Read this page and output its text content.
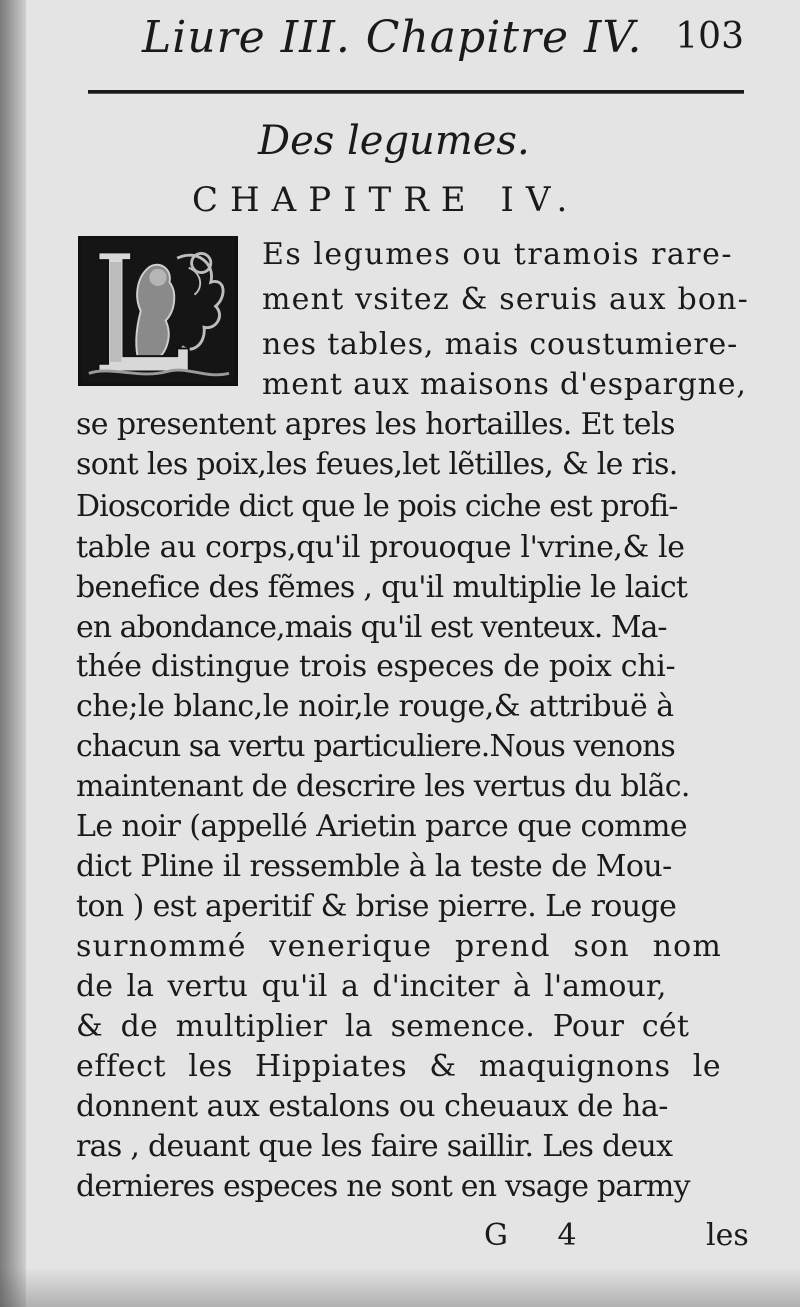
Liure III. Chapitre IV. 103
Des legumes.
CHAPITRE IV.
Es legumes ou tramois rare-
ment vsitez & seruis aux bon-
nes tables, mais coustumiere-
ment aux maisons d'espargne,
se presentent apres les hortailles. Et tels
sont les poix,les feues,let lẽtilles, & le ris.
Dioscoride dict que le pois ciche est profi-
table au corps,qu'il prouoque l'vrine,& le
benefice des fẽmes , qu'il multiplie le laict
en abondance,mais qu'il est venteux. Ma-
thée distingue trois especes de poix chi-
che;le blanc,le noir,le rouge,& attribuë à
chacun sa vertu particuliere.Nous venons
maintenant de descrire les vertus du blãc.
Le noir (appellé Arietin parce que comme
dict Pline il ressemble à la teste de Mou-
ton ) est aperitif & brise pierre. Le rouge
surnommé venerique prend son nom
de la vertu qu'il a d'inciter à l'amour,
& de multiplier la semence. Pour cét
effect les Hippiates & maquignons le
donnent aux estalons ou cheuaux de ha-
ras , deuant que les faire saillir. Les deux
dernieres especes ne sont en vsage parmy
G 4	les
